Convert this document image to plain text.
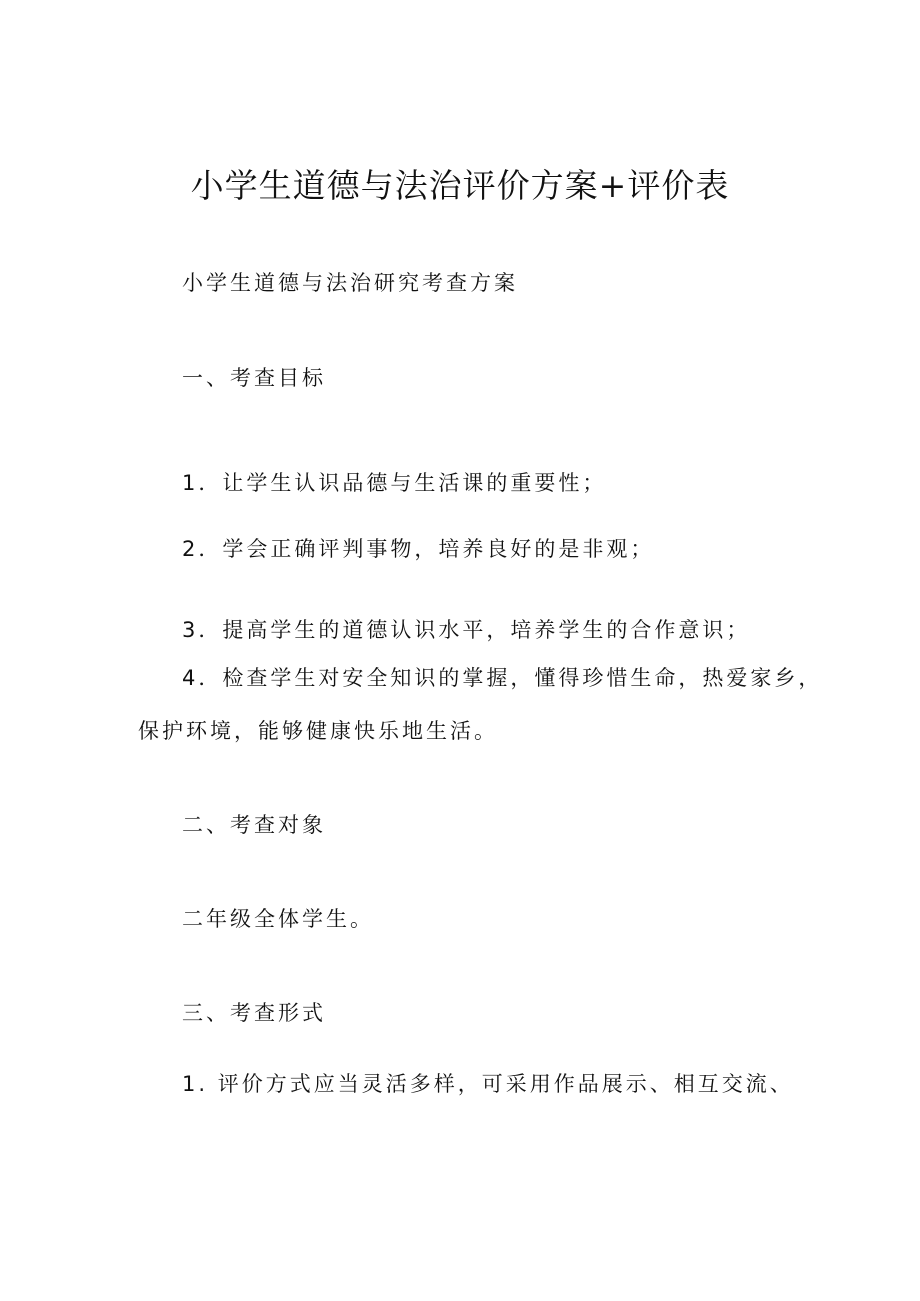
小学生道德与法治评价方案+评价表

小学生道德与法治研究考查方案

一、考查目标

1．让学生认识品德与生活课的重要性；

2．学会正确评判事物，培养良好的是非观；

3．提高学生的道德认识水平，培养学生的合作意识；

4．检查学生对安全知识的掌握，懂得珍惜生命，热爱家乡，

保护环境，能够健康快乐地生活。

二、考查对象

二年级全体学生。

三、考查形式

1. 评价方式应当灵活多样，可采用作品展示、相互交流、
